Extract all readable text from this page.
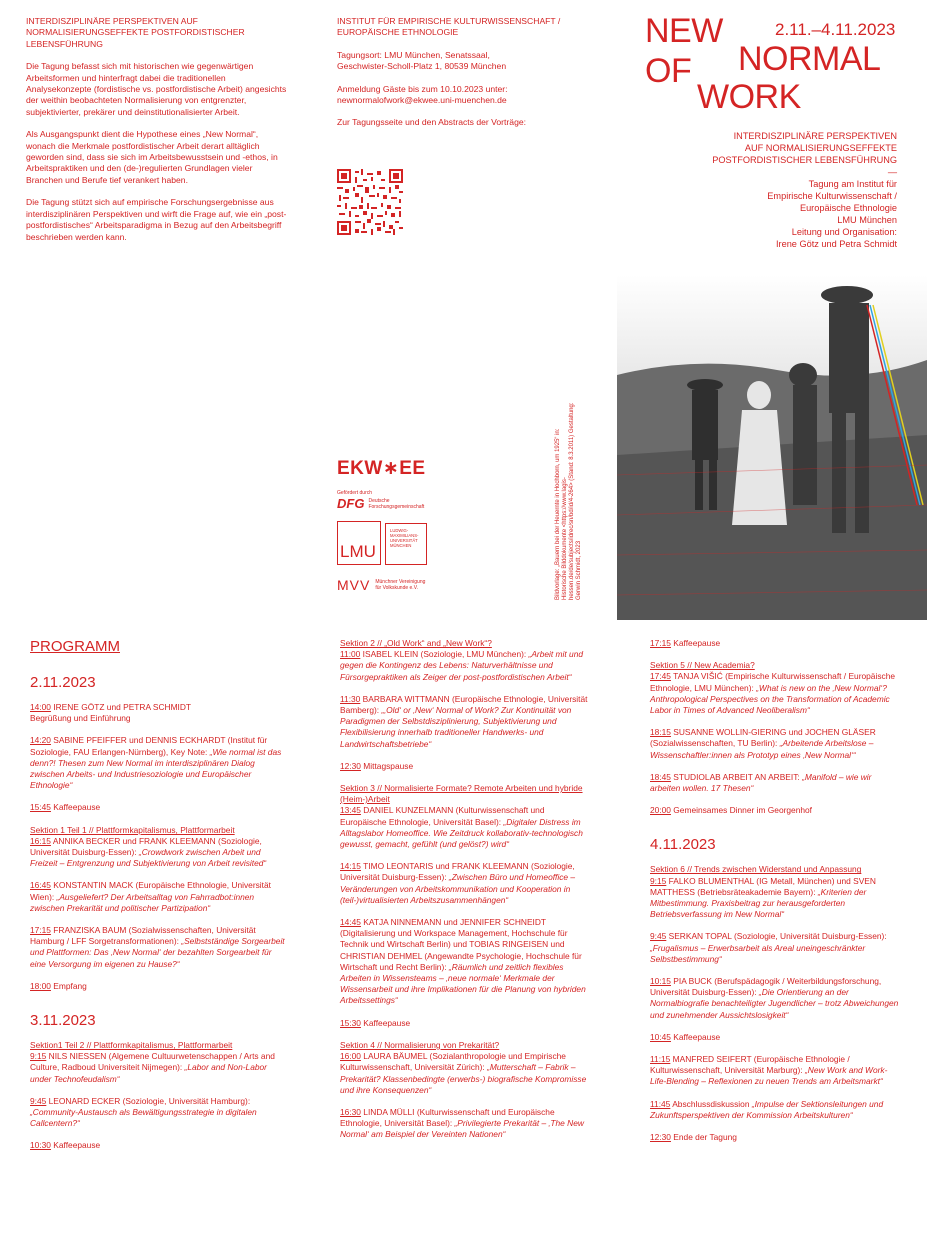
INTERDISZIPLINÄRE PERSPEKTIVEN AUF NORMALISIERUNGSEFFEKTE POSTFORDISTISCHER LEBENSFÜHRUNG
Die Tagung befasst sich mit historischen wie gegenwärtigen Arbeitsformen und hinterfragt dabei die traditionellen Analysekonzepte (fordistische vs. postfordistische Arbeit) angesichts der weithin beobachteten Normalisierung von entgrenzter, subjektivierter, prekärer und deinstitutionalisierter Arbeit.
Als Ausgangspunkt dient die Hypothese eines „New Normal“, wonach die Merkmale postfordistischer Arbeit derart alltäglich geworden sind, dass sie sich im Arbeitsbewusstsein und -ethos, in Arbeitspraktiken und den (de-)regulierten Grundlagen vieler Branchen und Berufe tief verankert haben.
Die Tagung stützt sich auf empirische Forschungsergebnisse aus interdisziplinären Perspektiven und wirft die Frage auf, wie ein „post-postfordistisches“ Arbeitsparadigma in Bezug auf den Arbeitsbegriff beschrieben werden kann.
INSTITUT FÜR EMPIRISCHE KULTURWISSENSCHAFT / EUROPÄISCHE ETHNOLOGIE
Tagungsort: LMU München, Senatssaal,
Geschwister-Scholl-Platz 1, 80539 München
Anmeldung Gäste bis zum 10.10.2023 unter:
newnormalofwork@ekwee.uni-muenchen.de
Zur Tagungsseite und den Abstracts der Vorträge:
NEW
NORMAL
OF
WORK
2.11.–4.11.2023
INTERDISZIPLINÄRE PERSPEKTIVEN
AUF NORMALISIERUNGSEFFEKTE
POSTFORDISTISCHER LEBENSFÜHRUNG
—
Tagung am Institut für
Empirische Kulturwissenschaft /
Europäische Ethnologie
LMU München
Leitung und Organisation:
Irene Götz und Petra Schmidt
Bildvorlage: „Bauern bei der Heuernte in Hochborn, um 1925“ in: Historische Bilddokumente <https://www.lagis-hessen.de/de/subjects/idrec/sn/bd/id/4-264> (Stand: 8.3.2011) Gestaltung: Gerwin Schmidt, 2023
EKW∗EE
Gefördert durch
DFG Deutsche Forschungsgemeinschaft
LMU
LUDWIG-MAXIMILIANS-UNIVERSITÄT MÜNCHEN
MVV Münchner Vereinigung für Volkskunde e.V.
PROGRAMM
2.11.2023
14:00 IRENE GÖTZ und PETRA SCHMIDT
Begrüßung und Einführung
14:20 SABINE PFEIFFER und DENNIS ECKHARDT (Institut für Soziologie, FAU Erlangen-Nürnberg), Key Note: „Wie normal ist das denn?! Thesen zum New Normal im interdisziplinären Dialog zwischen Arbeits- und Industriesoziologie und Europäischer Ethnologie“
15:45 Kaffeepause
Sektion 1 Teil 1 // Plattformkapitalismus, Plattformarbeit
16:15 ANNIKA BECKER und FRANK KLEEMANN (Soziologie, Universität Duisburg-Essen): „Crowdwork zwischen Arbeit und Freizeit – Entgrenzung und Subjektivierung von Arbeit revisited“
16:45 KONSTANTIN MACK (Europäische Ethnologie, Universität Wien): „Ausgeliefert? Der Arbeitsalltag von Fahrradbot:innen zwischen Prekarität und politischer Partizipation“
17:15 FRANZISKA BAUM (Sozialwissenschaften, Universität Hamburg / LFF Sorgetransformationen): „Selbstständige Sorgearbeit und Plattformen: Das ‚New Normal‘ der bezahlten Sorgearbeit für eine Versorgung im eigenen zu Hause?“
18:00 Empfang
3.11.2023
Sektion1 Teil 2 // Plattformkapitalismus, Plattformarbeit
9:15 NILS NIESSEN (Algemene Cultuurwetenschappen / Arts and Culture, Radboud Universiteit Nijmegen): „Labor and Non-Labor under Technofeudalism“
9:45 LEONARD ECKER (Soziologie, Universität Hamburg): „Community-Austausch als Bewältigungsstrategie in digitalen Callcentern?“
10:30 Kaffeepause
Sektion 2 // „Old Work“ and „New Work“?
11:00 ISABEL KLEIN (Soziologie, LMU München): „Arbeit mit und gegen die Kontingenz des Lebens: Naturverhältnisse und Fürsorgepraktiken als Zeiger der post-postfordistischen Arbeit“
11:30 BARBARA WITTMANN (Europäische Ethnologie, Universität Bamberg): „‚Old‘ or ‚New‘ Normal of Work? Zur Kontinuität von Paradigmen der Selbstdisziplinierung, Subjektivierung und Flexibilisierung innerhalb traditioneller Handwerks- und Landwirtschaftsbetriebe“
12:30 Mittagspause
Sektion 3 // Normalisierte Formate? Remote Arbeiten und hybride (Heim-)Arbeit
13:45 DANIEL KUNZELMANN (Kulturwissenschaft und Europäische Ethnologie, Universität Basel): „Digitaler Distress im Alltagslabor Homeoffice. Wie Zeitdruck kollaborativ-technologisch gewusst, gemacht, gefühlt (und gelöst?) wird“
14:15 TIMO LEONTARIS und FRANK KLEEMANN (Soziologie, Universität Duisburg-Essen): „Zwischen Büro und Homeoffice – Veränderungen von Arbeitskommunikation und Kooperation in (teil-)virtualisierten Arbeitszusammenhängen“
14:45 KATJA NINNEMANN und JENNIFER SCHNEIDT (Digitalisierung und Workspace Management, Hochschule für Technik und Wirtschaft Berlin) und TOBIAS RINGEISEN und CHRISTIAN DEHMEL (Angewandte Psychologie, Hochschule für Wirtschaft und Recht Berlin): „Räumlich und zeitlich flexibles Arbeiten in Wissensteams – ‚neue normale‘ Merkmale der Wissensarbeit und ihre Implikationen für die Planung von hybriden Arbeitssettings“
15:30 Kaffeepause
Sektion 4 // Normalisierung von Prekarität?
16:00 LAURA BÄUMEL (Sozialanthropologie und Empirische Kulturwissenschaft, Universität Zürich): „Mutterschaft – Fabrik – Prekarität? Klassenbedingte (erwerbs-) biografische Kompromisse und ihre Konsequenzen“
16:30 LINDA MÜLLI (Kulturwissenschaft und Europäische Ethnologie, Universität Basel): „Privilegierte Prekarität – ‚The New Normal‘ am Beispiel der Vereinten Nationen“
17:15 Kaffeepause
Sektion 5 // New Academia?
17:45 TANJA VIŠIĆ (Empirische Kulturwissenschaft / Europäische Ethnologie, LMU München): „What is new on the ‚New Normal‘? Anthropological Perspectives on the Transformation of Academic Labor in Times of Advanced Neoliberalism“
18:15 SUSANNE WOLLIN-GIERING und JOCHEN GLÄSER (Sozialwissenschaften, TU Berlin): „Arbeitende Arbeitslose – Wissenschaftler:innen als Prototyp eines ‚New Normal‘“
18:45 STUDIOLAB ARBEIT AN ARBEIT: „Manifold – wie wir arbeiten wollen. 17 Thesen“
20:00 Gemeinsames Dinner im Georgenhof
4.11.2023
Sektion 6 // Trends zwischen Widerstand und Anpassung
9:15 FALKO BLUMENTHAL (IG Metall, München) und SVEN MATTHESS (Betriebsräteakademie Bayern): „Kriterien der Mitbestimmung. Praxisbeitrag zur herausgeforderten Betriebsverfassung im New Normal“
9:45 SERKAN TOPAL (Soziologie, Universität Duisburg-Essen): „Frugalismus – Erwerbsarbeit als Areal uneingeschränkter Selbstbestimmung“
10:15 PIA BUCK (Berufspädagogik / Weiterbildungsforschung, Universität Duisburg-Essen): „Die Orientierung an der Normalbiografie benachteiligter Jugendlicher – trotz Abweichungen und zunehmender Aussichtslosigkeit“
10:45 Kaffeepause
11:15 MANFRED SEIFERT (Europäische Ethnologie / Kulturwissenschaft, Universität Marburg): „New Work and Work-Life-Blending – Reflexionen zu neuen Trends am Arbeitsmarkt“
11:45 Abschlussdiskussion „Impulse der Sektionsleitungen und Zukunftsperspektiven der Kommission Arbeitskulturen“
12:30 Ende der Tagung
